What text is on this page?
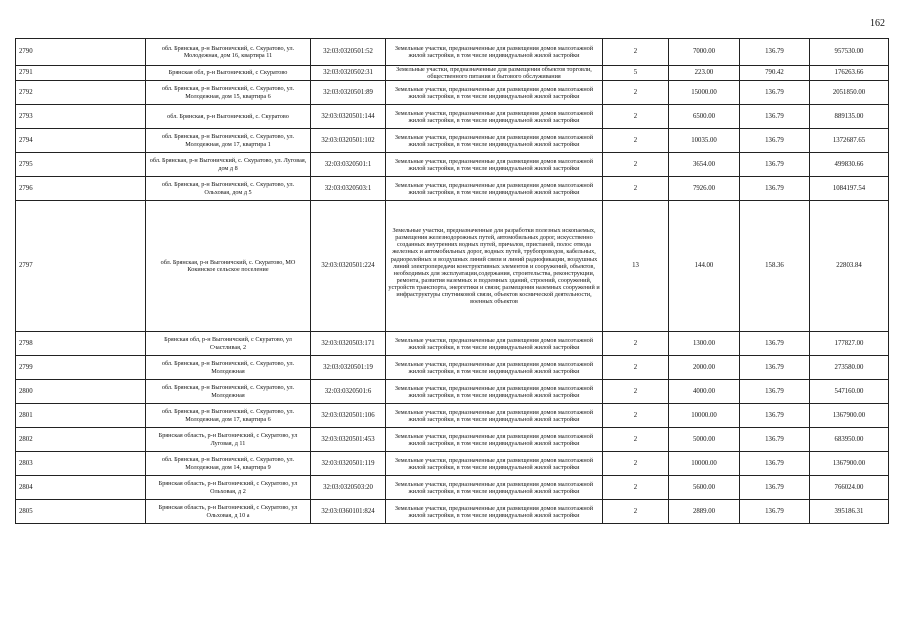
162
2790	обл. Брянская, р-н Выгоничский, с. Скуратово, ул. Молодежная, дом 16, квартира 11	32:03:0320501:52	Земельные участки, предназначенные для размещения домов малоэтажной жилой застройки, в том числе индивидуальной жилой застройки	2	7000.00	136.79	957530.00
2791	Брянская обл, р-н Выгоничский, с Скуратово	32:03:0320502:31	Земельные участки, предназначенные для размещения объектов торговли, общественного питания и бытового обслуживания	5	223.00	790.42	176263.66
2792	обл. Брянская, р-н Выгоничский, с. Скуратово, ул. Молодежная, дом 15, квартира 6	32:03:0320501:89	Земельные участки, предназначенные для размещения домов малоэтажной жилой застройки, в том числе индивидуальной жилой застройки	2	15000.00	136.79	2051850.00
2793	обл. Брянская, р-н Выгоничский, с. Скуратово	32:03:0320501:144	Земельные участки, предназначенные для размещения домов малоэтажной жилой застройки, в том числе индивидуальной жилой застройки	2	6500.00	136.79	889135.00
2794	обл. Брянская, р-н Выгоничский, с. Скуратово, ул. Молодежная, дом 17, квартира 1	32:03:0320501:102	Земельные участки, предназначенные для размещения домов малоэтажной жилой застройки, в том числе индивидуальной жилой застройки	2	10035.00	136.79	1372687.65
2795	обл. Брянская, р-н Выгоничский, с. Скуратово, ул. Луговая, дом д 8	32:03:0320501:1	Земельные участки, предназначенные для размещения домов малоэтажной жилой застройки, в том числе индивидуальной жилой застройки	2	3654.00	136.79	499830.66
2796	обл. Брянская, р-н Выгоничский, с. Скуратово, ул. Ольховая, дом д 5	32:03:0320503:1	Земельные участки, предназначенные для размещения домов малоэтажной жилой застройки, в том числе индивидуальной жилой застройки	2	7926.00	136.79	1084197.54
2797	обл. Брянская, р-н Выгоничский, с. Скуратово, МО Кокинское сельское поселение	32:03:0320501:224	Земельные участки, предназначенные для разработки полезных ископаемых, размещения железнодорожных путей, автомобильных дорог, искусственно созданных внутренних водных путей, причалов, пристаней, полос отвода железных и автомобильных дорог, водных путей, трубопроводов, кабельных, радиорелейных и воздушных линий связи и линий радиофикации, воздушных линий электропередачи конструктивных элементов и сооружений, объектов, необходимых для эксплуатации,содержания, строительства, реконструкции, ремонта, развития наземных и подземных зданий, строений, сооружений, устройств транспорта, энергетики и связи; размещения наземных сооружений и инфраструктуры спутниковой связи, объектов космической деятельности, военных объектов	13	144.00	158.36	22803.84
2798	Брянская обл, р-н Выгоничский, с Скуратово, ул Счастливая, 2	32:03:0320503:171	Земельные участки, предназначенные для размещения домов малоэтажной жилой застройки, в том числе индивидуальной жилой застройки	2	1300.00	136.79	177827.00
2799	обл. Брянская, р-н Выгоничский, с. Скуратово, ул. Молодежная	32:03:0320501:19	Земельные участки, предназначенные для размещения домов малоэтажной жилой застройки, в том числе индивидуальной жилой застройки	2	2000.00	136.79	273580.00
2800	обл. Брянская, р-н Выгоничский, с. Скуратово, ул. Молодежная	32:03:0320501:6	Земельные участки, предназначенные для размещения домов малоэтажной жилой застройки, в том числе индивидуальной жилой застройки	2	4000.00	136.79	547160.00
2801	обл. Брянская, р-н Выгоничский, с. Скуратово, ул. Молодежная, дом 17, квартира 6	32:03:0320501:106	Земельные участки, предназначенные для размещения домов малоэтажной жилой застройки, в том числе индивидуальной жилой застройки	2	10000.00	136.79	1367900.00
2802	Брянская область, р-н Выгоничский, с Скуратово, ул Луговая, д 11	32:03:0320501:453	Земельные участки, предназначенные для размещения домов малоэтажной жилой застройки, в том числе индивидуальной жилой застройки	2	5000.00	136.79	683950.00
2803	обл. Брянская, р-н Выгоничский, с. Скуратово, ул. Молодежная, дом 14, квартира 9	32:03:0320501:119	Земельные участки, предназначенные для размещения домов малоэтажной жилой застройки, в том числе индивидуальной жилой застройки	2	10000.00	136.79	1367900.00
2804	Брянская область, р-н Выгоничский, с Скуратово, ул Ольховая, д 2	32:03:0320503:20	Земельные участки, предназначенные для размещения домов малоэтажной жилой застройки, в том числе индивидуальной жилой застройки	2	5600.00	136.79	766024.00
2805	Брянская область, р-н Выгоничский, с Скуратово, ул Ольховая, д 10 а	32:03:0360101:824	Земельные участки, предназначенные для размещения домов малоэтажной жилой застройки, в том числе индивидуальной жилой застройки	2	2889.00	136.79	395186.31
